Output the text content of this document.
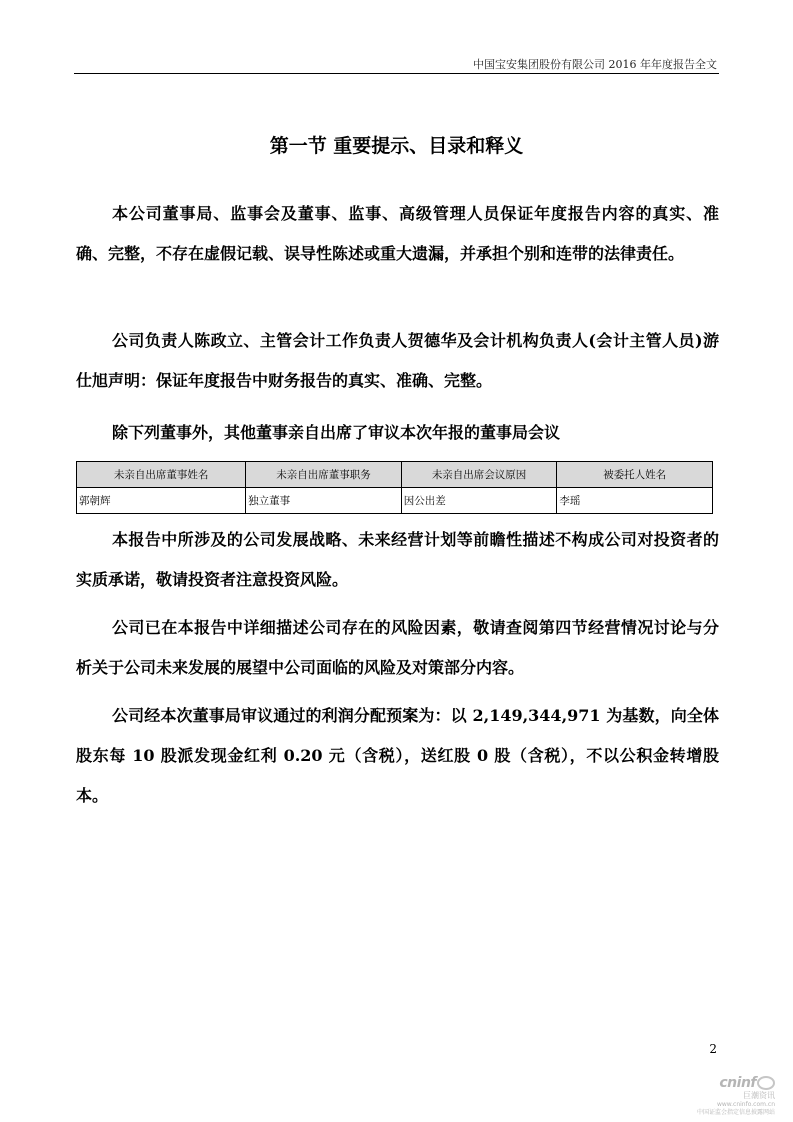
中国宝安集团股份有限公司 2016 年年度报告全文
第一节 重要提示、目录和释义

本公司董事局、监事会及董事、监事、高级管理人员保证年度报告内容的真实、准确、完整，不存在虚假记载、误导性陈述或重大遗漏，并承担个别和连带的法律责任。

公司负责人陈政立、主管会计工作负责人贺德华及会计机构负责人(会计主管人员)游仕旭声明：保证年度报告中财务报告的真实、准确、完整。

除下列董事外，其他董事亲自出席了审议本次年报的董事局会议

未亲自出席董事姓名	未亲自出席董事职务	未亲自出席会议原因	被委托人姓名
郭朝辉	独立董事	因公出差	李瑶

本报告中所涉及的公司发展战略、未来经营计划等前瞻性描述不构成公司对投资者的实质承诺，敬请投资者注意投资风险。

公司已在本报告中详细描述公司存在的风险因素，敬请查阅第四节经营情况讨论与分析关于公司未来发展的展望中公司面临的风险及对策部分内容。

公司经本次董事局审议通过的利润分配预案为：以 2,149,344,971 为基数，向全体股东每 10 股派发现金红利 0.20 元（含税），送红股 0 股（含税），不以公积金转增股本。

2
cninf
巨潮资讯
www.cninfo.com.cn
中国证监会指定信息披露网站
